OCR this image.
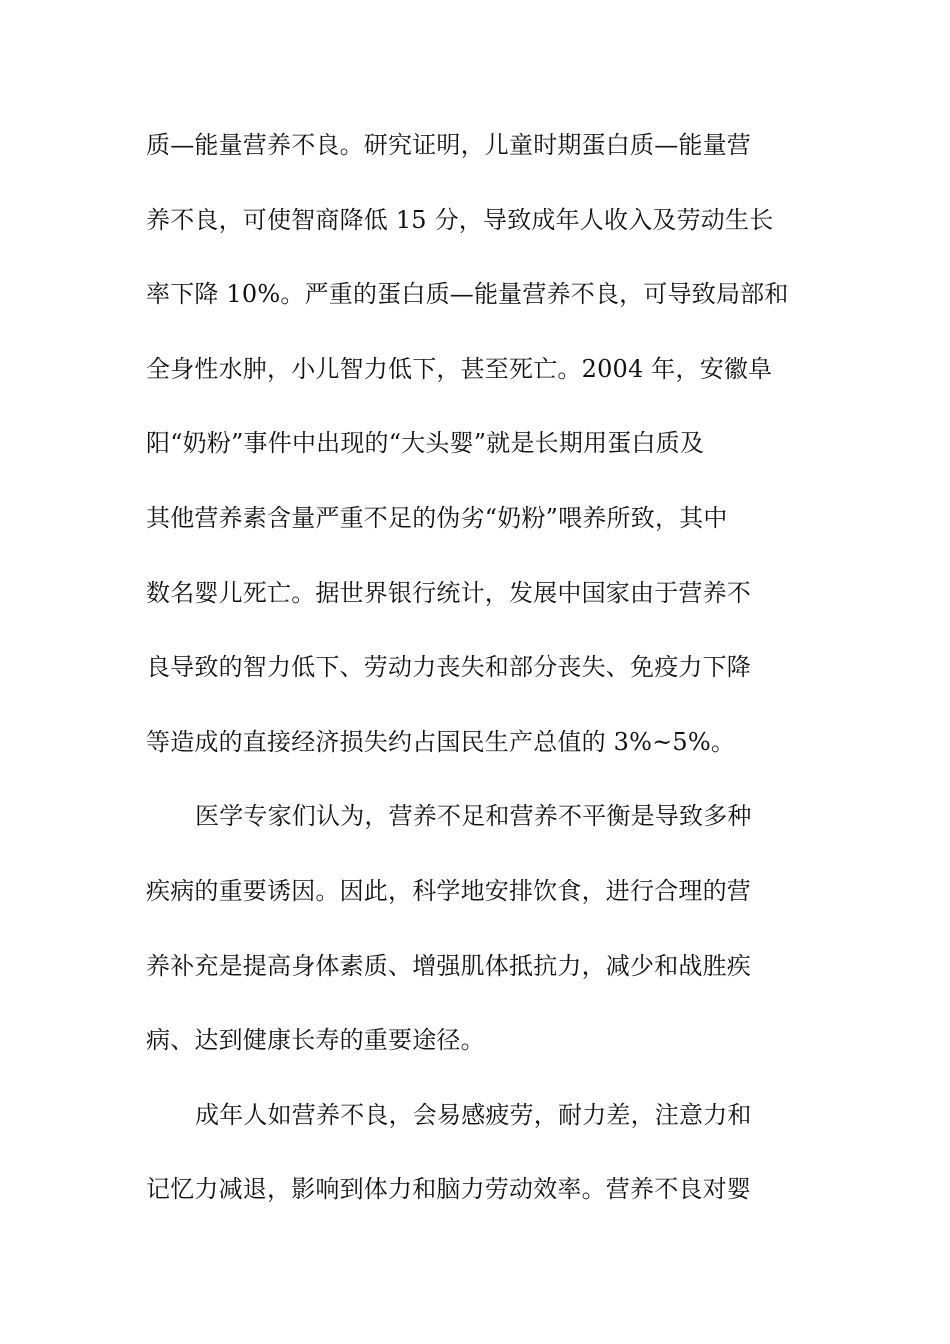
质—能量营养不良。研究证明，儿童时期蛋白质—能量营
养不良，可使智商降低 15 分，导致成年人收入及劳动生长
率下降 10%。严重的蛋白质—能量营养不良，可导致局部和
全身性水肿，小儿智力低下，甚至死亡。2004 年，安徽阜
阳“奶粉”事件中出现的“大头婴”就是长期用蛋白质及
其他营养素含量严重不足的伪劣“奶粉”喂养所致，其中
数名婴儿死亡。据世界银行统计，发展中国家由于营养不
良导致的智力低下、劳动力丧失和部分丧失、免疫力下降
等造成的直接经济损失约占国民生产总值的 3%~5%。
医学专家们认为，营养不足和营养不平衡是导致多种
疾病的重要诱因。因此，科学地安排饮食，进行合理的营
养补充是提高身体素质、增强肌体抵抗力，减少和战胜疾
病、达到健康长寿的重要途径。
成年人如营养不良，会易感疲劳，耐力差，注意力和
记忆力减退，影响到体力和脑力劳动效率。营养不良对婴
